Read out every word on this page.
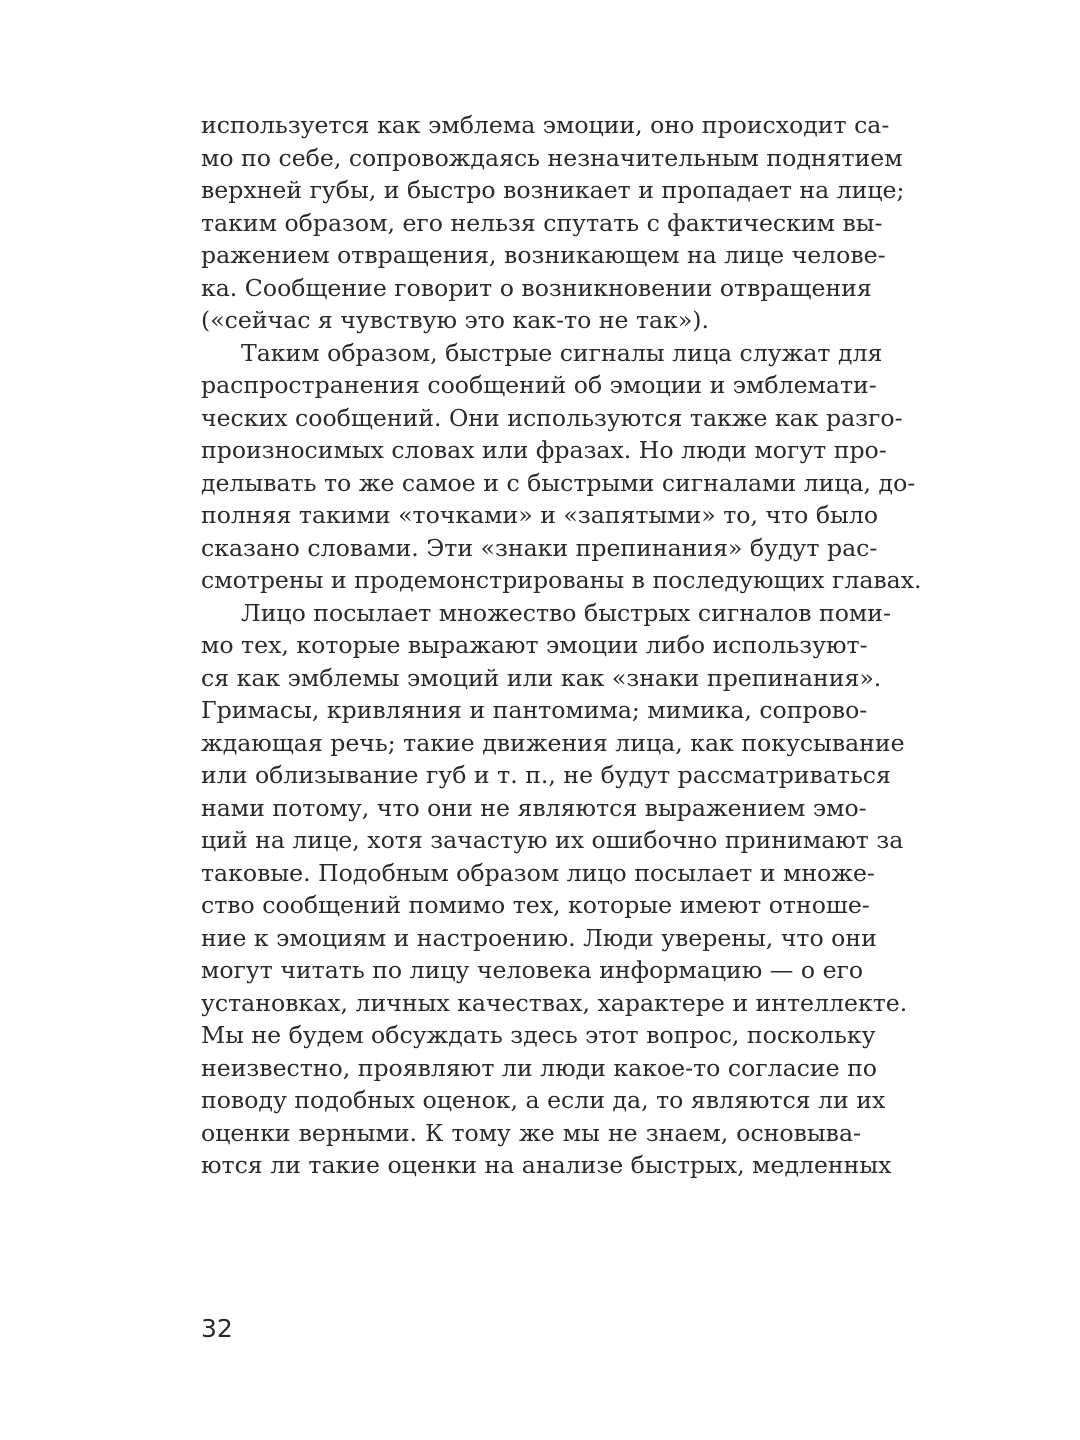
используется как эмблема эмоции, оно происходит са-
мо по себе, сопровождаясь незначительным поднятием
верхней губы, и быстро возникает и пропадает на лице;
таким образом, его нельзя спутать с фактическим вы-
ражением отвращения, возникающем на лице челове-
ка. Сообщение говорит о возникновении отвращения
(«сейчас я чувствую это как-то не так»).

Таким образом, быстрые сигналы лица служат для
распространения сообщений об эмоции и эмблемати-
ческих сообщений. Они используются также как разго-
произносимых словах или фразах. Но люди могут про-
делывать то же самое и с быстрыми сигналами лица, до-
полняя такими «точками» и «запятыми» то, что было
сказано словами. Эти «знаки препинания» будут рас-
смотрены и продемонстрированы в последующих главах.

Лицо посылает множество быстрых сигналов поми-
мо тех, которые выражают эмоции либо используют-
ся как эмблемы эмоций или как «знаки препинания».
Гримасы, кривляния и пантомима; мимика, сопрово-
ждающая речь; такие движения лица, как покусывание
или облизывание губ и т. п., не будут рассматриваться
нами потому, что они не являются выражением эмо-
ций на лице, хотя зачастую их ошибочно принимают за
таковые. Подобным образом лицо посылает и множе-
ство сообщений помимо тех, которые имеют отноше-
ние к эмоциям и настроению. Люди уверены, что они
могут читать по лицу человека информацию — о его
установках, личных качествах, характере и интеллекте.
Мы не будем обсуждать здесь этот вопрос, поскольку
неизвестно, проявляют ли люди какое-то согласие по
поводу подобных оценок, а если да, то являются ли их
оценки верными. К тому же мы не знаем, основыва-
ются ли такие оценки на анализе быстрых, медленных

32
